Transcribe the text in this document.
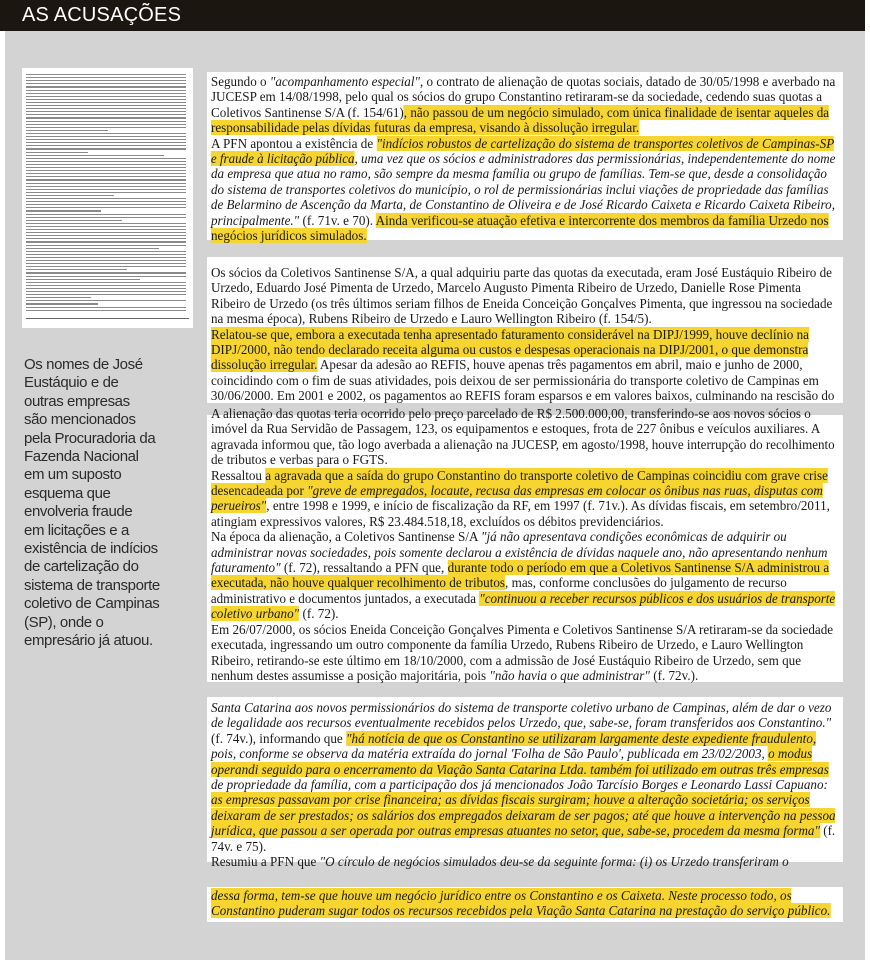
AS ACUSAÇÕES
Os nomes de José
Eustáquio e de
outras empresas
são mencionados
pela Procuradoria da
Fazenda Nacional
em um suposto
esquema que
envolveria fraude
em licitações e a
existência de indícios
de cartelização do
sistema de transporte
coletivo de Campinas
(SP), onde o
empresário já atuou.
Segundo o "acompanhamento especial", o contrato de alienação de quotas sociais, datado de 30/05/1998 e averbado na
JUCESP em 14/08/1998, pelo qual os sócios do grupo Constantino retiraram-se da sociedade, cedendo suas quotas a
Coletivos Santinense S/A (f. 154/61), não passou de um negócio simulado, com única finalidade de isentar aqueles da
responsabilidade pelas dívidas futuras da empresa, visando à dissolução irregular.
A PFN apontou a existência de "indícios robustos de cartelização do sistema de transportes coletivos de Campinas-SP
e fraude à licitação pública, uma vez que os sócios e administradores das permissionárias, independentemente do nome
da empresa que atua no ramo, são sempre da mesma família ou grupo de famílias. Tem-se que, desde a consolidação
do sistema de transportes coletivos do município, o rol de permissionárias inclui viações de propriedade das famílias
de Belarmino de Ascenção da Marta, de Constantino de Oliveira e de José Ricardo Caixeta e Ricardo Caixeta Ribeiro,
principalmente." (f. 71v. e 70). Ainda verificou-se atuação efetiva e intercorrente dos membros da família Urzedo nos
negócios jurídicos simulados.
Os sócios da Coletivos Santinense S/A, a qual adquiriu parte das quotas da executada, eram José Eustáquio Ribeiro de
Urzedo, Eduardo José Pimenta de Urzedo, Marcelo Augusto Pimenta Ribeiro de Urzedo, Danielle Rose Pimenta
Ribeiro de Urzedo (os três últimos seriam filhos de Eneida Conceição Gonçalves Pimenta, que ingressou na sociedade
na mesma época), Rubens Ribeiro de Urzedo e Lauro Wellington Ribeiro (f. 154/5).
Relatou-se que, embora a executada tenha apresentado faturamento considerável na DIPJ/1999, houve declínio na
DIPJ/2000, não tendo declarado receita alguma ou custos e despesas operacionais na DIPJ/2001, o que demonstra
dissolução irregular. Apesar da adesão ao REFIS, houve apenas três pagamentos em abril, maio e junho de 2000,
coincidindo com o fim de suas atividades, pois deixou de ser permissionária do transporte coletivo de Campinas em
30/06/2000. Em 2001 e 2002, os pagamentos ao REFIS foram esparsos e em valores baixos, culminando na rescisão do
A alienação das quotas teria ocorrido pelo preço parcelado de R$ 2.500.000,00, transferindo-se aos novos sócios o
imóvel da Rua Servidão de Passagem, 123, os equipamentos e estoques, frota de 227 ônibus e veículos auxiliares. A
agravada informou que, tão logo averbada a alienação na JUCESP, em agosto/1998, houve interrupção do recolhimento
de tributos e verbas para o FGTS.
Ressaltou a agravada que a saída do grupo Constantino do transporte coletivo de Campinas coincidiu com grave crise
desencadeada por "greve de empregados, locaute, recusa das empresas em colocar os ônibus nas ruas, disputas com
perueiros", entre 1998 e 1999, e início de fiscalização da RF, em 1997 (f. 71v.). As dívidas fiscais, em setembro/2011,
atingiam expressivos valores, R$ 23.484.518,18, excluídos os débitos previdenciários.
Na época da alienação, a Coletivos Santinense S/A "já não apresentava condições econômicas de adquirir ou
administrar novas sociedades, pois somente declarou a existência de dívidas naquele ano, não apresentando nenhum
faturamento" (f. 72), ressaltando a PFN que, durante todo o período em que a Coletivos Santinense S/A administrou a
executada, não houve qualquer recolhimento de tributos, mas, conforme conclusões do julgamento de recurso
administrativo e documentos juntados, a executada "continuou a receber recursos públicos e dos usuários de transporte
coletivo urbano" (f. 72).
Em 26/07/2000, os sócios Eneida Conceição Gonçalves Pimenta e Coletivos Santinense S/A retiraram-se da sociedade
executada, ingressando um outro componente da família Urzedo, Rubens Ribeiro de Urzedo, e Lauro Wellington
Ribeiro, retirando-se este último em 18/10/2000, com a admissão de José Eustáquio Ribeiro de Urzedo, sem que
nenhum destes assumisse a posição majoritária, pois "não havia o que administrar" (f. 72v.).
Santa Catarina aos novos permissionários do sistema de transporte coletivo urbano de Campinas, além de dar o vezo
de legalidade aos recursos eventualmente recebidos pelos Urzedo, que, sabe-se, foram transferidos aos Constantino."
(f. 74v.), informando que "há notícia de que os Constantino se utilizaram largamente deste expediente fraudulento,
pois, conforme se observa da matéria extraída do jornal 'Folha de São Paulo', publicada em 23/02/2003, o modus
operandi seguido para o encerramento da Viação Santa Catarina Ltda. também foi utilizado em outras três empresas
de propriedade da família, com a participação dos já mencionados João Tarcísio Borges e Leonardo Lassi Capuano:
as empresas passavam por crise financeira; as dívidas fiscais surgiram; houve a alteração societária; os serviços
deixaram de ser prestados; os salários dos empregados deixaram de ser pagos; até que houve a intervenção na pessoa
jurídica, que passou a ser operada por outras empresas atuantes no setor, que, sabe-se, procedem da mesma forma" (f.
74v. e 75).
Resumiu a PFN que "O círculo de negócios simulados deu-se da seguinte forma: (i) os Urzedo transferiram o
dessa forma, tem-se que houve um negócio jurídico entre os Constantino e os Caixeta. Neste processo todo, os
Constantino puderam sugar todos os recursos recebidos pela Viação Santa Catarina na prestação do serviço público.
